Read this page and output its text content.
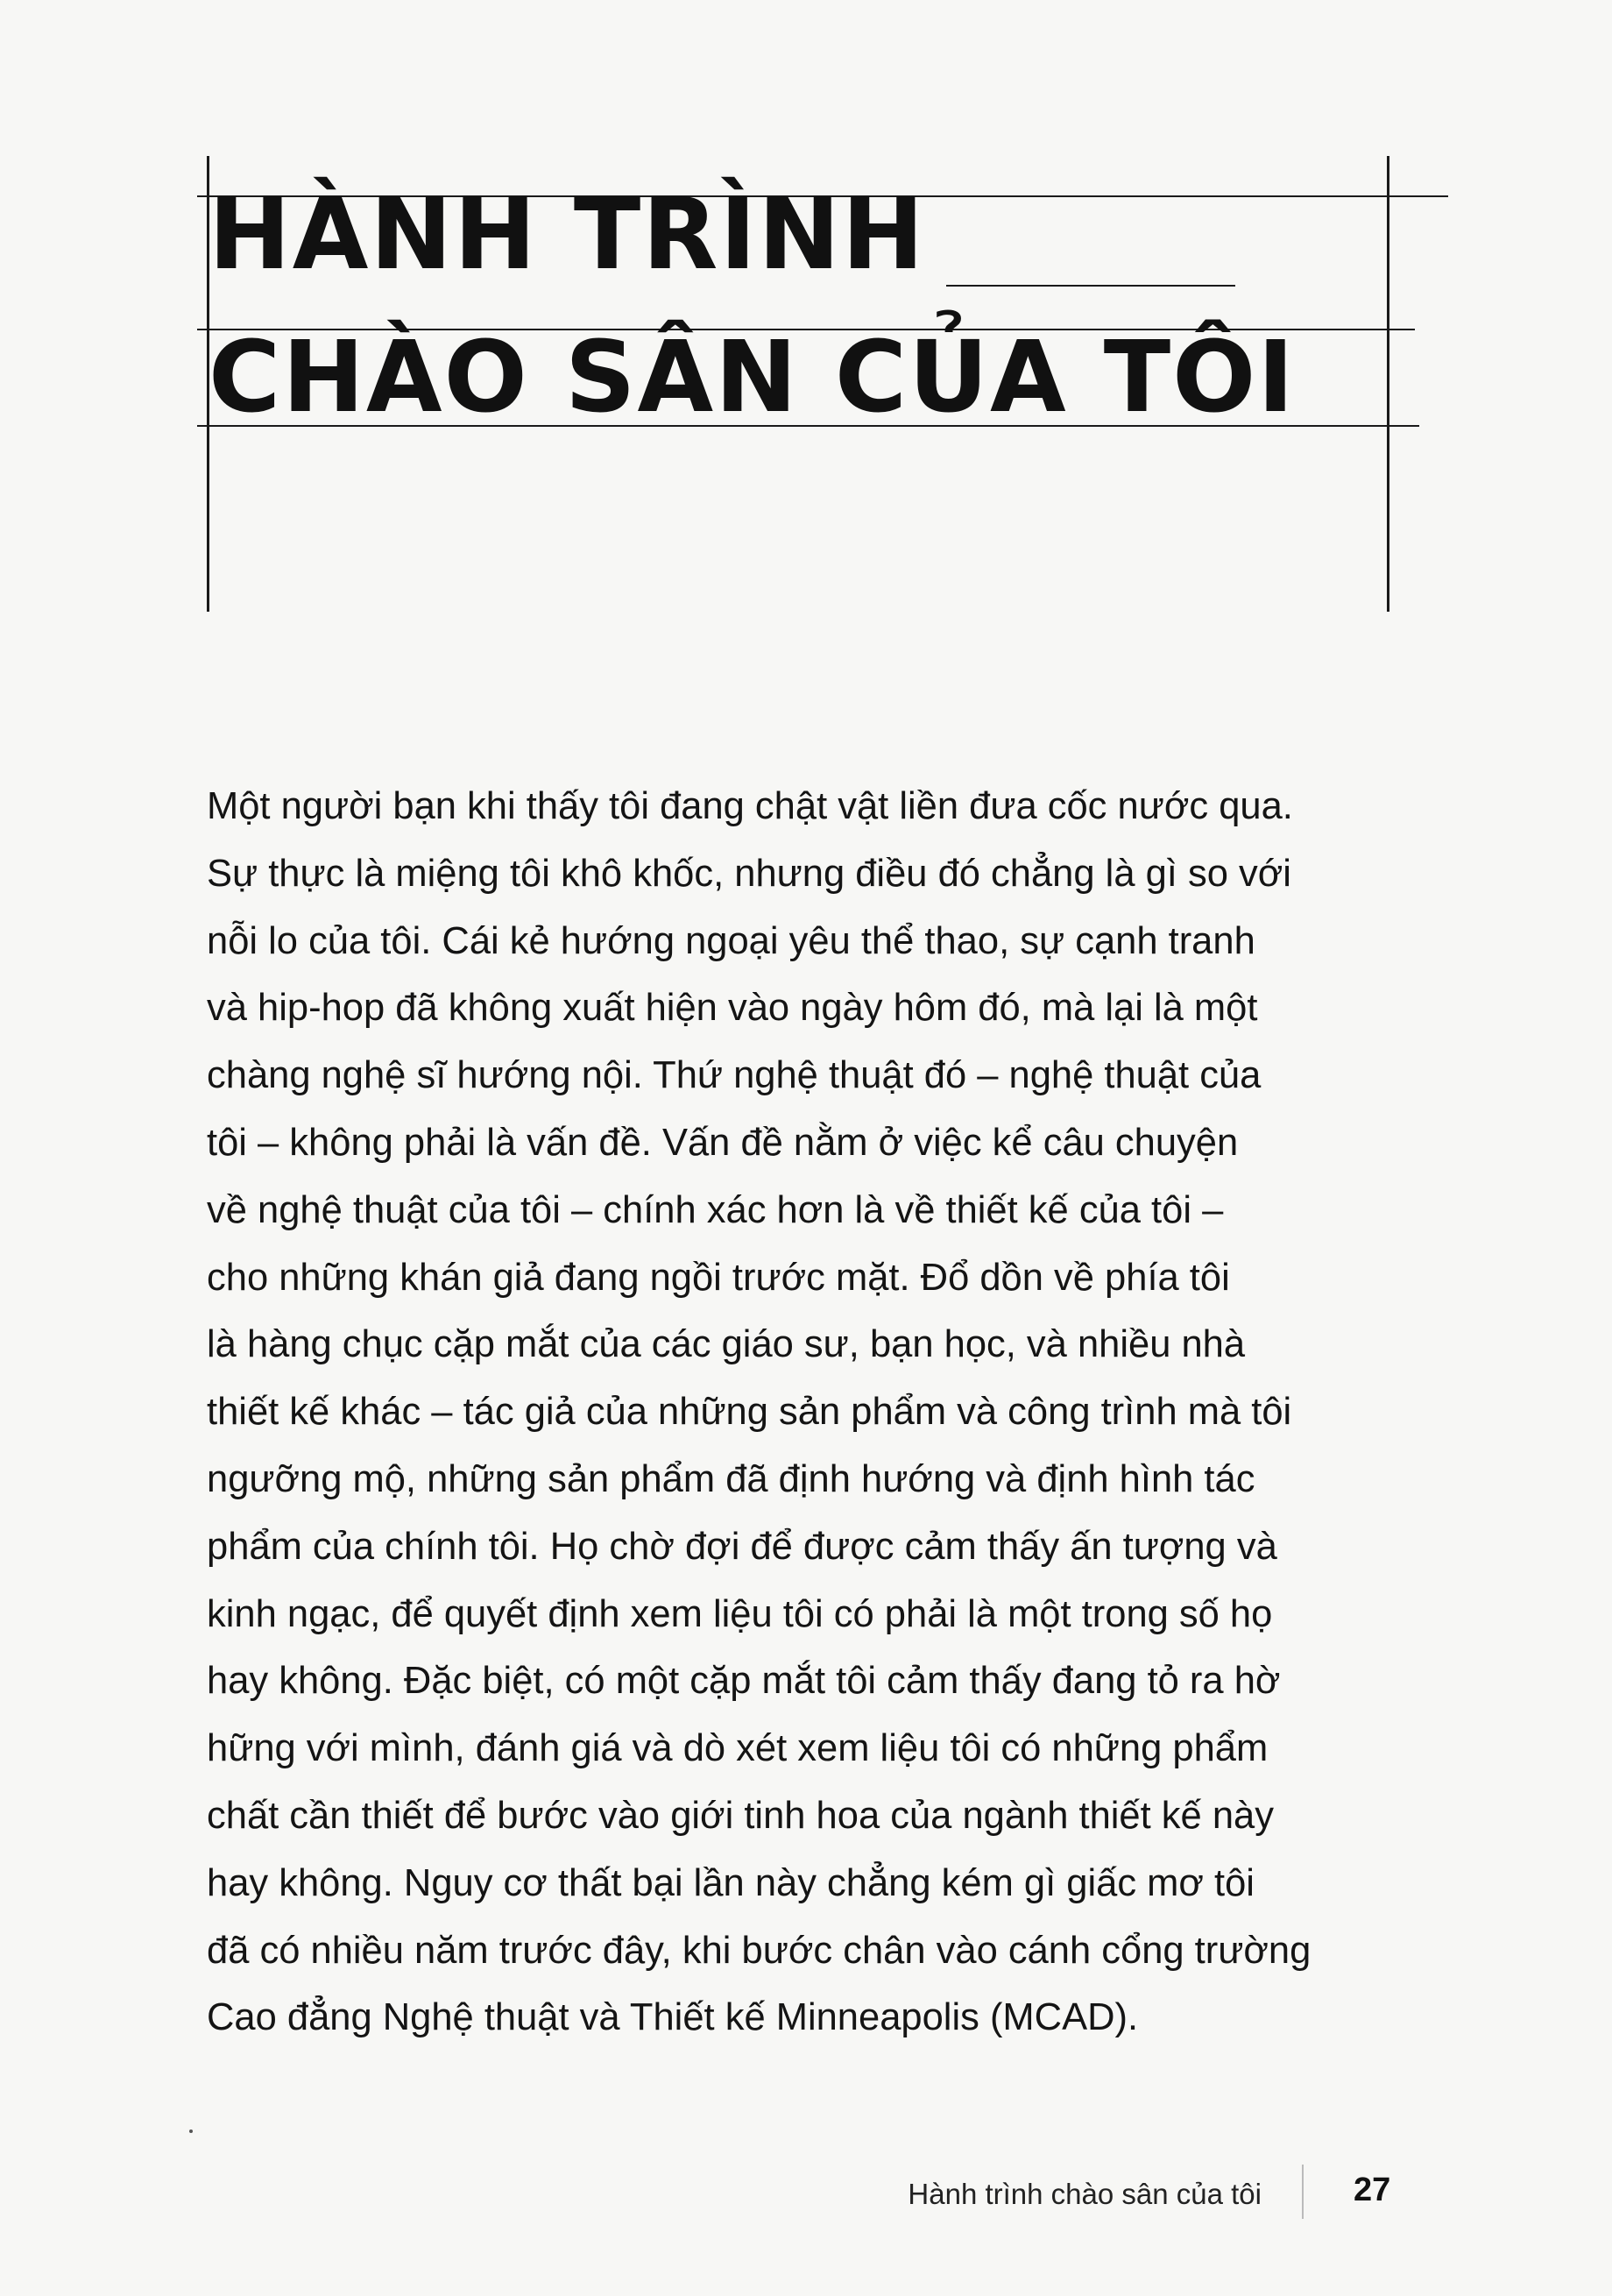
HÀNH TRÌNH
CHÀO SÂN CỦA TÔI
Một người bạn khi thấy tôi đang chật vật liền đưa cốc nước qua.
Sự thực là miệng tôi khô khốc, nhưng điều đó chẳng là gì so với
nỗi lo của tôi. Cái kẻ hướng ngoại yêu thể thao, sự cạnh tranh
và hip-hop đã không xuất hiện vào ngày hôm đó, mà lại là một
chàng nghệ sĩ hướng nội. Thứ nghệ thuật đó – nghệ thuật của
tôi – không phải là vấn đề. Vấn đề nằm ở việc kể câu chuyện
về nghệ thuật của tôi – chính xác hơn là về thiết kế của tôi –
cho những khán giả đang ngồi trước mặt. Đổ dồn về phía tôi
là hàng chục cặp mắt của các giáo sư, bạn học, và nhiều nhà
thiết kế khác – tác giả của những sản phẩm và công trình mà tôi
ngưỡng mộ, những sản phẩm đã định hướng và định hình tác
phẩm của chính tôi. Họ chờ đợi để được cảm thấy ấn tượng và
kinh ngạc, để quyết định xem liệu tôi có phải là một trong số họ
hay không. Đặc biệt, có một cặp mắt tôi cảm thấy đang tỏ ra hờ
hững với mình, đánh giá và dò xét xem liệu tôi có những phẩm
chất cần thiết để bước vào giới tinh hoa của ngành thiết kế này
hay không. Nguy cơ thất bại lần này chẳng kém gì giấc mơ tôi
đã có nhiều năm trước đây, khi bước chân vào cánh cổng trường
Cao đẳng Nghệ thuật và Thiết kế Minneapolis (MCAD).
Hành trình chào sân của tôi	27
